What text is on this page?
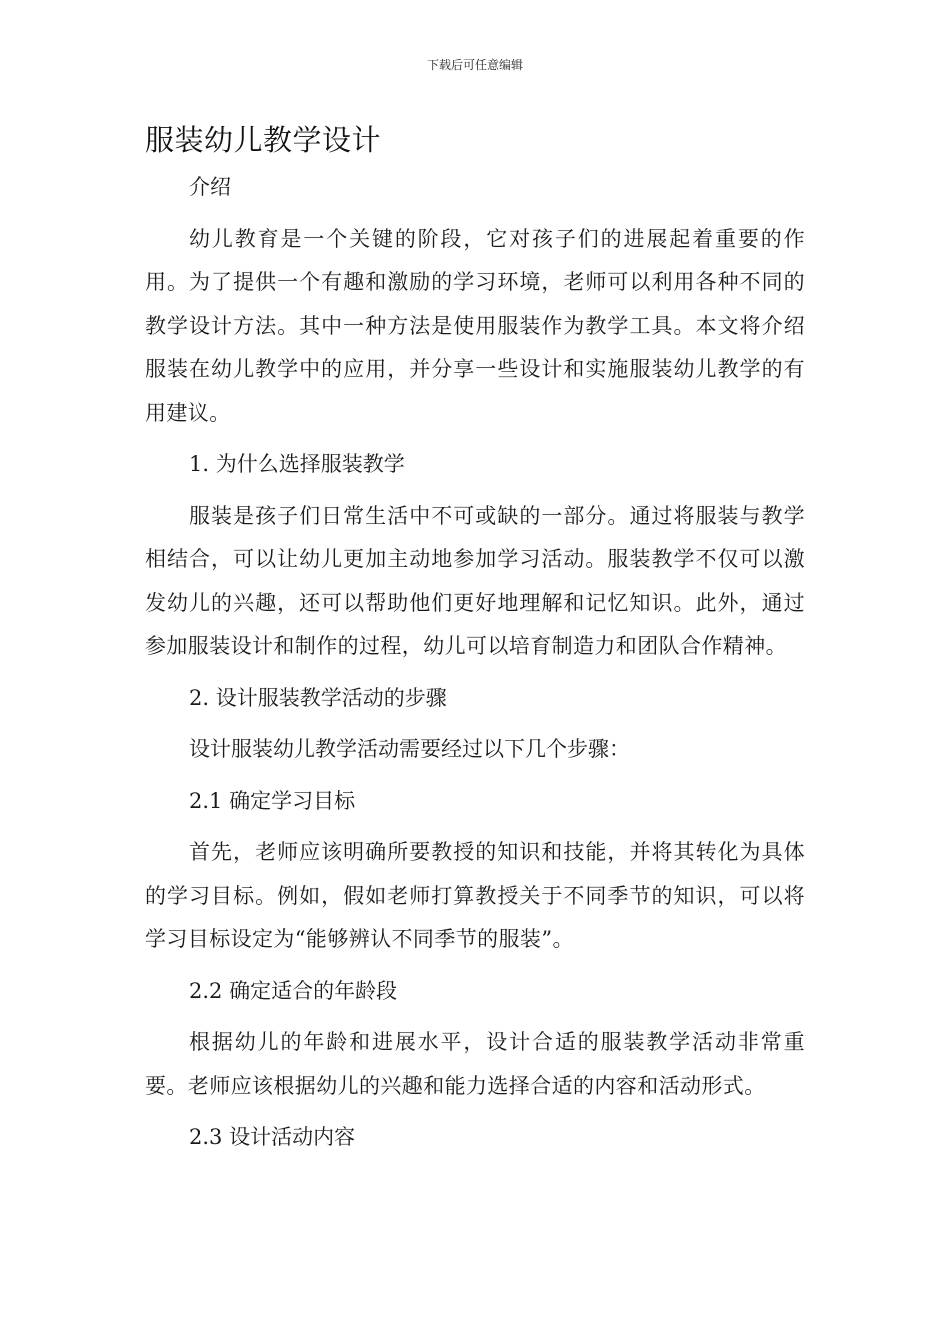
下载后可任意编辑
服装幼儿教学设计

介绍

幼儿教育是一个关键的阶段，它对孩子们的进展起着重要的作用。为了提供一个有趣和激励的学习环境，老师可以利用各种不同的教学设计方法。其中一种方法是使用服装作为教学工具。本文将介绍服装在幼儿教学中的应用，并分享一些设计和实施服装幼儿教学的有用建议。

1. 为什么选择服装教学

服装是孩子们日常生活中不可或缺的一部分。通过将服装与教学相结合，可以让幼儿更加主动地参加学习活动。服装教学不仅可以激发幼儿的兴趣，还可以帮助他们更好地理解和记忆知识。此外，通过参加服装设计和制作的过程，幼儿可以培育制造力和团队合作精神。

2. 设计服装教学活动的步骤

设计服装幼儿教学活动需要经过以下几个步骤：

2.1 确定学习目标

首先，老师应该明确所要教授的知识和技能，并将其转化为具体的学习目标。例如，假如老师打算教授关于不同季节的知识，可以将学习目标设定为“能够辨认不同季节的服装”。

2.2 确定适合的年龄段

根据幼儿的年龄和进展水平，设计合适的服装教学活动非常重要。老师应该根据幼儿的兴趣和能力选择合适的内容和活动形式。

2.3 设计活动内容
